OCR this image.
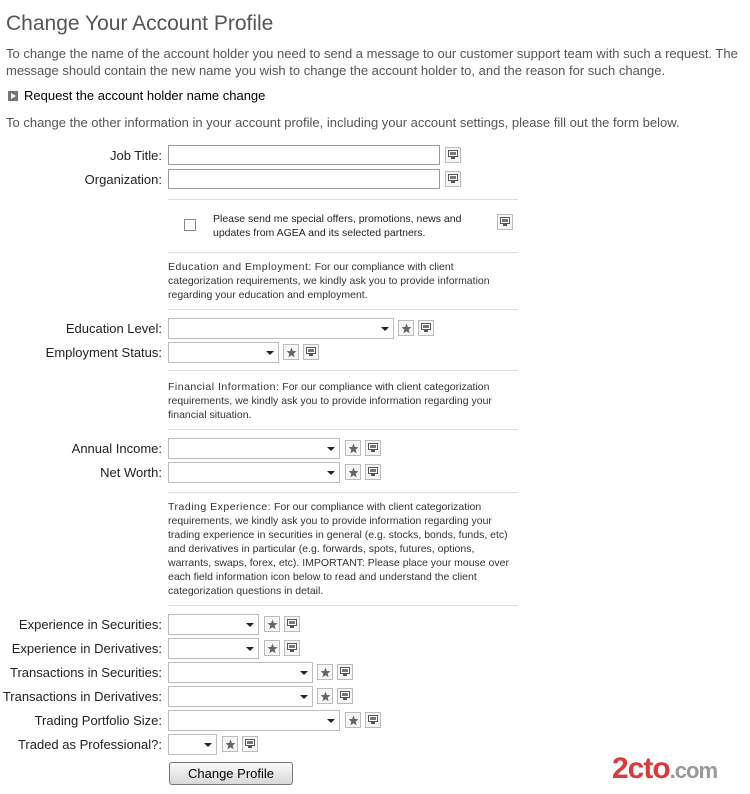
Change Your Account Profile
To change the name of the account holder you need to send a message to our customer support team with such a request. The message should contain the new name you wish to change the account holder to, and the reason for such change.
Request the account holder name change
To change the other information in your account profile, including your account settings, please fill out the form below.
Job Title:
Organization:
Please send me special offers, promotions, news and updates from AGEA and its selected partners.
Education and Employment: For our compliance with client categorization requirements, we kindly ask you to provide information regarding your education and employment.
Education Level:
Employment Status:
Financial Information: For our compliance with client categorization requirements, we kindly ask you to provide information regarding your financial situation.
Annual Income:
Net Worth:
Trading Experience: For our compliance with client categorization requirements, we kindly ask you to provide information regarding your trading experience in securities in general (e.g. stocks, bonds, funds, etc) and derivatives in particular (e.g. forwards, spots, futures, options, warrants, swaps, forex, etc). IMPORTANT: Please place your mouse over each field information icon below to read and understand the client categorization questions in detail.
Experience in Securities:
Experience in Derivatives:
Transactions in Securities:
Transactions in Derivatives:
Trading Portfolio Size:
Traded as Professional?:
Change Profile	2cto.com
